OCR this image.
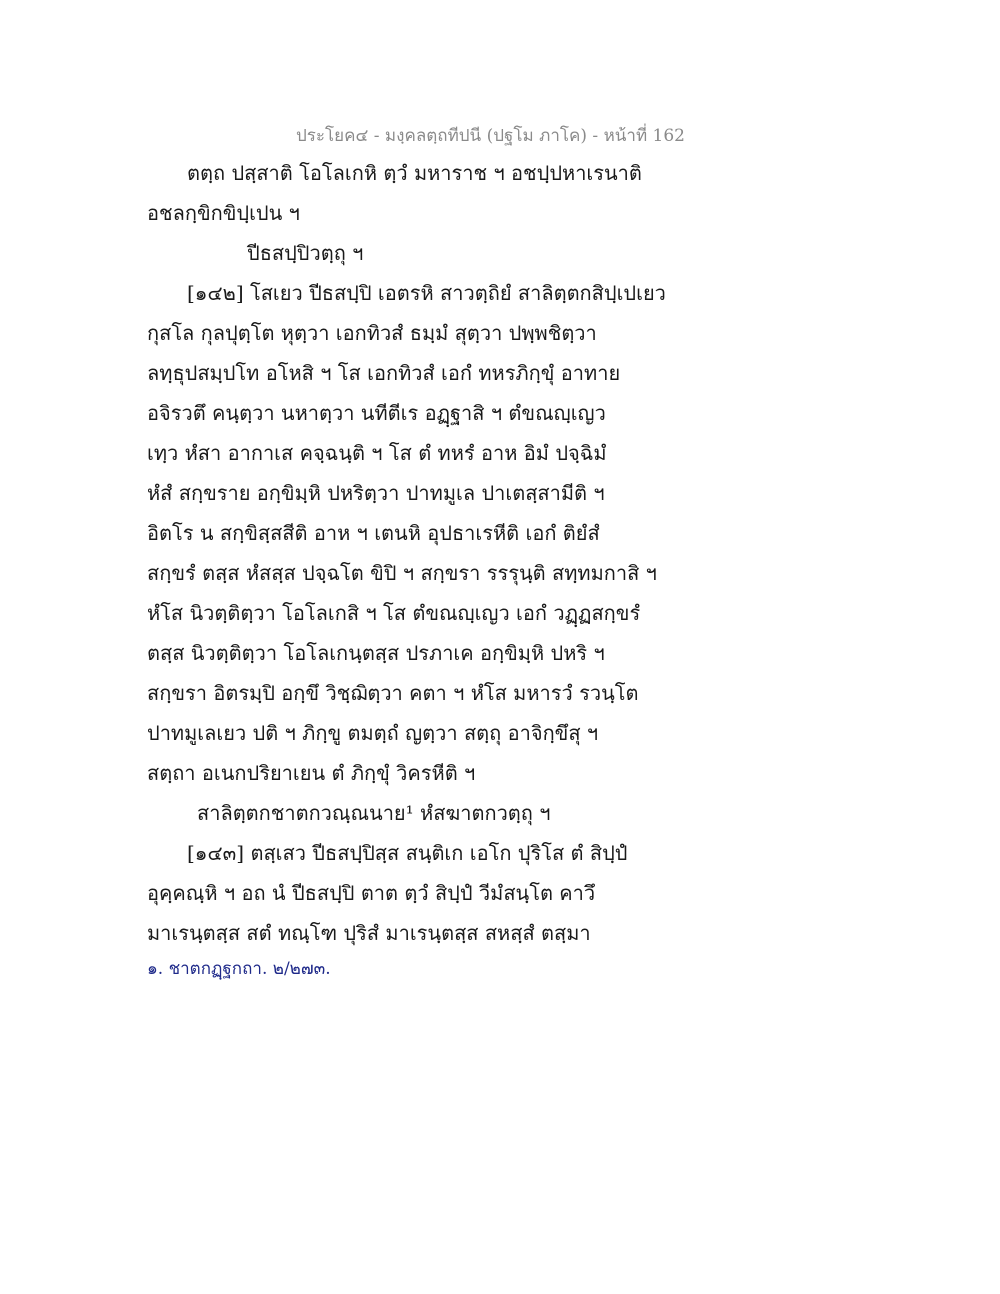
ประโยค๔ - มงฺคลตฺถทีปนี (ปฐโม ภาโค) - หน้าที่ 162
ตตฺถ ปสฺสาติ โอโลเกหิ ตฺวํ มหาราช ฯ อชปฺปหาเรนาติ
อชลกฺขิกขิปฺเปน ฯ
ปีธสปฺปิวตฺถุ ฯ
[๑๔๒] โสเยว ปีธสปฺปิ เอตรหิ สาวตฺถิยํ สาลิตฺตกสิปฺเปเยว
กุสโล กุลปุตฺโต หุตฺวา เอกทิวสํ ธมฺมํ สุตฺวา ปพฺพชิตฺวา
ลทฺธุปสมฺปโท อโหสิ ฯ โส เอกทิวสํ เอกํ ทหรภิกฺขุํ อาทาย
อจิรวตึ คนฺตฺวา นหาตฺวา นทีตีเร อฏฺฐาสิ ฯ ตํขณญฺเญว
เทฺว หํสา อากาเส คจฺฉนฺติ ฯ โส ตํ ทหรํ อาห อิมํ ปจฺฉิมํ
หํสํ สกฺขราย อกฺขิมฺหิ ปหริตฺวา ปาทมูเล ปาเตสฺสามีติ ฯ
อิตโร น สกฺขิสฺสสีติ อาห ฯ เตนหิ อุปธาเรหีติ เอกํ ติยํสํ
สกฺขรํ ตสฺส หํสสฺส ปจฺฉโต ขิปิ ฯ สกฺขรา รรรุนฺติ สทฺทมกาสิ ฯ
หํโส นิวตฺติตฺวา โอโลเกสิ ฯ โส ตํขณญฺเญว เอกํ วฏฺฏสกฺขรํ
ตสฺส นิวตฺติตฺวา โอโลเกนฺตสฺส ปรภาเค อกฺขิมฺหิ ปหริ ฯ
สกฺขรา อิตรมฺปิ อกฺขึ วิชฺฌิตฺวา คตา ฯ หํโส มหารวํ รวนฺโต
ปาทมูเลเยว ปติ ฯ ภิกฺขู ตมตฺถํ ญตฺวา สตฺถุ อาจิกฺขึสุ ฯ
สตฺถา อเนกปริยาเยน ตํ ภิกฺขุํ วิครหีติ ฯ
สาลิตฺตกชาตกวณฺณนาย¹ หํสฆาตกวตฺถุ ฯ
[๑๔๓] ตสฺเสว ปีธสปฺปิสฺส สนฺติเก เอโก ปุริโส ตํ สิปฺปํ
อุคฺคณฺหิ ฯ อถ นํ ปีธสปฺปิ ตาต ตฺวํ สิปฺปํ วีมํสนฺโต คาวึ
มาเรนฺตสฺส สตํ ทณฺโฑ ปุริสํ มาเรนฺตสฺส สหสฺสํ ตสฺมา
๑. ชาตกฏฺฐกถา. ๒/๒๗๓.
